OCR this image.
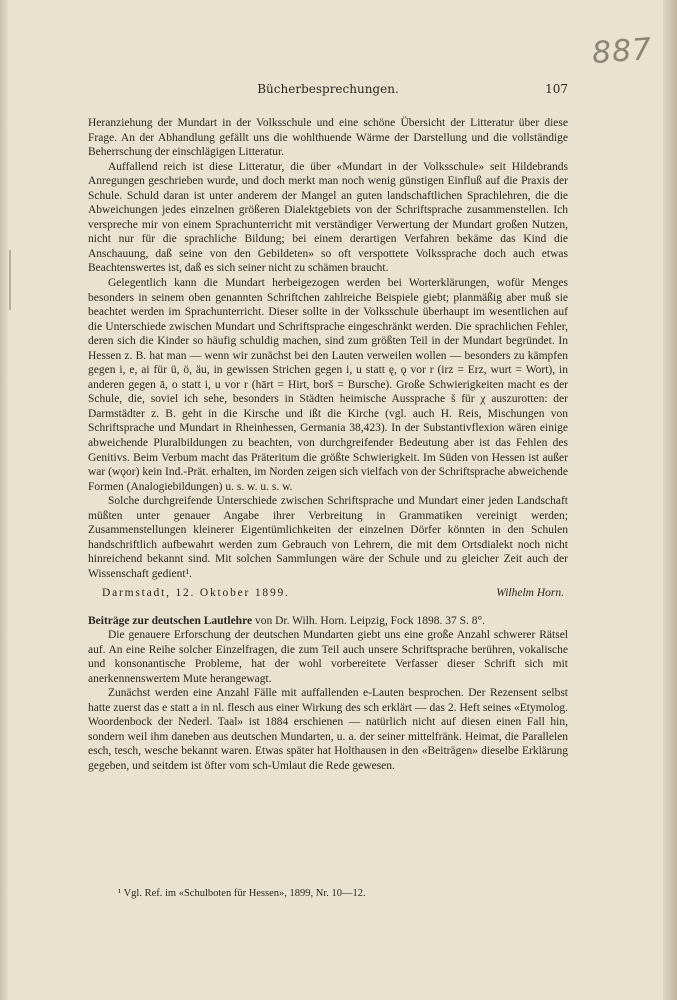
887
Bücherbesprechungen.	107

Heranziehung der Mundart in der Volksschule und eine schöne Übersicht der Litteratur über diese Frage. An der Abhandlung gefällt uns die wohlthuende Wärme der Darstellung und die vollständige Beherrschung der einschlägigen Litteratur.

Auffallend reich ist diese Litteratur, die über «Mundart in der Volksschule» seit Hildebrands Anregungen geschrieben wurde, und doch merkt man noch wenig günstigen Einfluß auf die Praxis der Schule. Schuld daran ist unter anderem der Mangel an guten landschaftlichen Sprachlehren, die die Abweichungen jedes einzelnen größeren Dialektgebiets von der Schriftsprache zusammenstellen. Ich verspreche mir von einem Sprachunterricht mit verständiger Verwertung der Mundart großen Nutzen, nicht nur für die sprachliche Bildung; bei einem derartigen Verfahren bekäme das Kind die Anschauung, daß seine von den Gebildeten» so oft verspottete Volkssprache doch auch etwas Beachtenswertes ist, daß es sich seiner nicht zu schämen braucht.

Gelegentlich kann die Mundart herbeigezogen werden bei Worterklärungen, wofür Menges besonders in seinem oben genannten Schriftchen zahlreiche Beispiele giebt; planmäßig aber muß sie beachtet werden im Sprachunterricht. Dieser sollte in der Volksschule überhaupt im wesentlichen auf die Unterschiede zwischen Mundart und Schriftsprache eingeschränkt werden. Die sprachlichen Fehler, deren sich die Kinder so häufig schuldig machen, sind zum größten Teil in der Mundart begründet. In Hessen z. B. hat man — wenn wir zunächst bei den Lauten verweilen wollen — besonders zu kämpfen gegen i, e, ai für ü, ö, äu, in gewissen Strichen gegen i, u statt ę, ǫ vor r (irz = Erz, wurt = Wort), in anderen gegen ā, o statt i, u vor r (hārt = Hirt, borš = Bursche). Große Schwierigkeiten macht es der Schule, die, soviel ich sehe, besonders in Städten heimische Aussprache š für χ auszurotten: der Darmstädter z. B. geht in die Kirsche und ißt die Kirche (vgl. auch H. Reis, Mischungen von Schriftsprache und Mundart in Rheinhessen, Germania 38,423). In der Substantivflexion wären einige abweichende Pluralbildungen zu beachten, von durchgreifender Bedeutung aber ist das Fehlen des Genitivs. Beim Verbum macht das Präteritum die größte Schwierigkeit. Im Süden von Hessen ist außer war (wǫor) kein Ind.-Prät. erhalten, im Norden zeigen sich vielfach von der Schriftsprache abweichende Formen (Analogiebildungen) u. s. w. u. s. w.

Solche durchgreifende Unterschiede zwischen Schriftsprache und Mundart einer jeden Landschaft müßten unter genauer Angabe ihrer Verbreitung in Grammatiken vereinigt werden; Zusammenstellungen kleinerer Eigentümlichkeiten der einzelnen Dörfer könnten in den Schulen handschriftlich aufbewahrt werden zum Gebrauch von Lehrern, die mit dem Ortsdialekt noch nicht hinreichend bekannt sind. Mit solchen Sammlungen wäre der Schule und zu gleicher Zeit auch der Wissenschaft gedient¹.

Darmstadt, 12. Oktober 1899.	Wilhelm Horn.

Beiträge zur deutschen Lautlehre von Dr. Wilh. Horn. Leipzig, Fock 1898. 37 S. 8°.

Die genauere Erforschung der deutschen Mundarten giebt uns eine große Anzahl schwerer Rätsel auf. An eine Reihe solcher Einzelfragen, die zum Teil auch unsere Schriftsprache berühren, vokalische und konsonantische Probleme, hat der wohl vorbereitete Verfasser dieser Schrift sich mit anerkennenswertem Mute herangewagt.

Zunächst werden eine Anzahl Fälle mit auffallenden e-Lauten besprochen. Der Rezensent selbst hatte zuerst das e statt a in nl. flesch aus einer Wirkung des sch erklärt — das 2. Heft seines «Etymolog. Woordenbock der Nederl. Taal» ist 1884 erschienen — natürlich nicht auf diesen einen Fall hin, sondern weil ihm daneben aus deutschen Mundarten, u. a. der seiner mittelfränk. Heimat, die Parallelen esch, tesch, wesche bekannt waren. Etwas später hat Holthausen in den «Beiträgen» dieselbe Erklärung gegeben, und seitdem ist öfter vom sch-Umlaut die Rede gewesen.

¹ Vgl. Ref. im «Schulboten für Hessen», 1899, Nr. 10—12.
